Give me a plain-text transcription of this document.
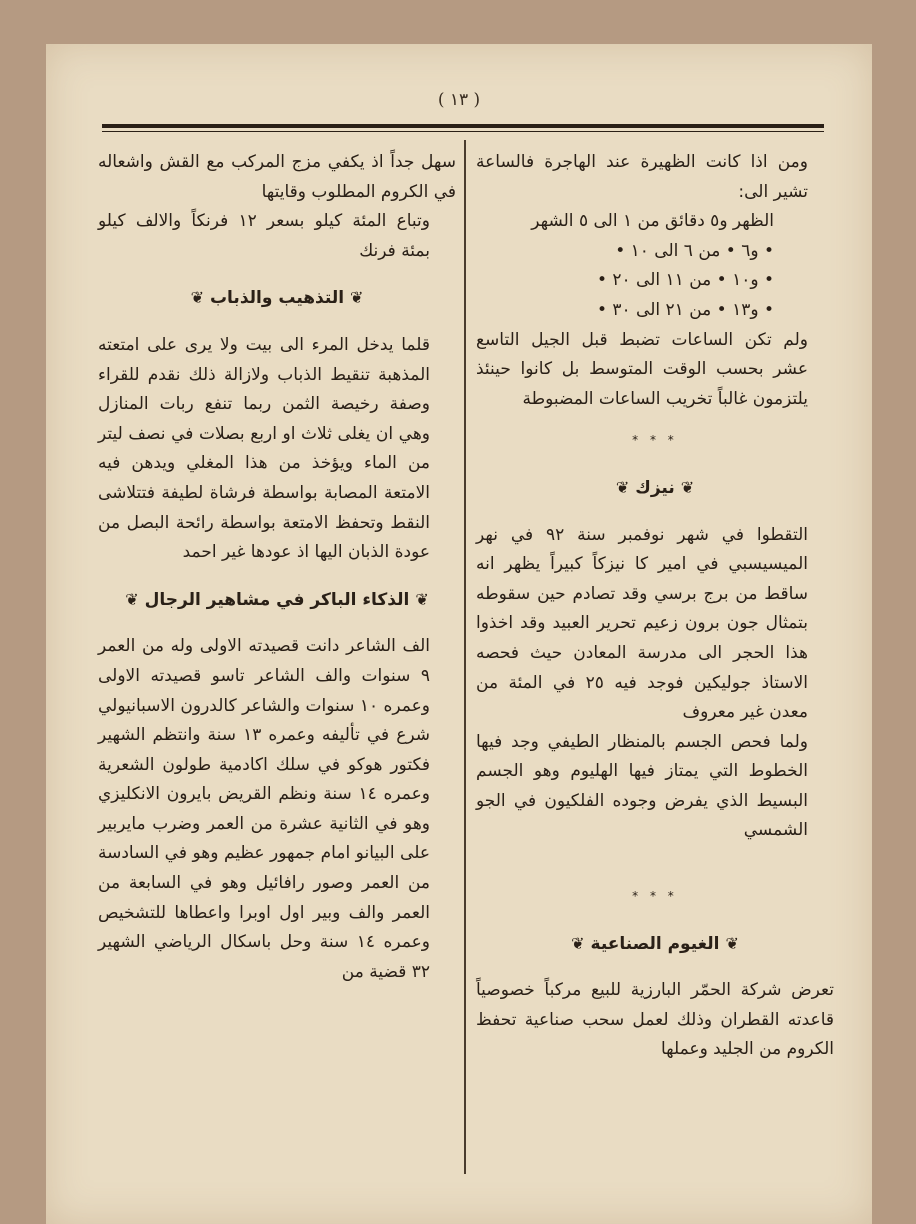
( ١٣ )

ومن اذا كانت الظهيرة عند الهاجرة فالساعة تشير الى:

الظهر و٥ دقائق من ١ الى ٥ الشهر

• و٦ • من ٦ الى ١٠ •

• و١٠ • من ١١ الى ٢٠ •

• و١٣ • من ٢١ الى ٣٠ •

ولم تكن الساعات تضبط قبل الجيل التاسع عشر بحسب الوقت المتوسط بل كانوا حينئذ يلتزمون غالباً تخريب الساعات المضبوطة

* * *

❦نيزك❦

التقطوا في شهر نوفمبر سنة ٩٢ في نهر الميسيسبي في امير كا نيزكاً كبيراً يظهر انه ساقط من برج برسي وقد تصادم حين سقوطه بتمثال جون برون زعيم تحرير العبيد وقد اخذوا هذا الحجر الى مدرسة المعادن حيث فحصه الاستاذ جوليكين فوجد فيه ٢٥ في المئة من معدن غير معروف

ولما فحص الجسم بالمنظار الطيفي وجد فيها الخطوط التي يمتاز فيها الهليوم وهو الجسم البسيط الذي يفرض وجوده الفلكيون في الجو الشمسي

* * *

❦الغيوم الصناعية❦

تعرض شركة الحمّر البارزية للبيع مركباً خصوصياً قاعدته القطران وذلك لعمل سحب صناعية تحفظ الكروم من الجليد وعملها

سهل جداً اذ يكفي مزج المركب مع القش واشعاله في الكروم المطلوب وقايتها

وتباع المئة كيلو بسعر ١٢ فرنكاً والالف كيلو بمئة فرنك

❦التذهيب والذباب❦

قلما يدخل المرء الى بيت ولا يرى على امتعته المذهبة تنقيط الذباب ولازالة ذلك نقدم للقراء وصفة رخيصة الثمن ربما تنفع ربات المنازل وهي ان يغلى ثلاث او اربع بصلات في نصف ليتر من الماء ويؤخذ من هذا المغلي ويدهن فيه الامتعة المصابة بواسطة فرشاة لطيفة فتتلاشى النقط وتحفظ الامتعة بواسطة رائحة البصل من عودة الذبان اليها اذ عودها غير احمد

❦الذكاء الباكر في مشاهير الرجال❦

الف الشاعر دانت قصيدته الاولى وله من العمر ٩ سنوات والف الشاعر تاسو قصيدته الاولى وعمره ١٠ سنوات والشاعر كالدرون الاسبانيولي شرع في تأليفه وعمره ١٣ سنة وانتظم الشهير فكتور هوكو في سلك اكادمية طولون الشعرية وعمره ١٤ سنة ونظم القريض بايرون الانكليزي وهو في الثانية عشرة من العمر وضرب مايربير على البيانو امام جمهور عظيم وهو في السادسة من العمر وصور رافائيل وهو في السابعة من العمر والف وبير اول اوبرا واعطاها للتشخيص وعمره ١٤ سنة وحل باسكال الرياضي الشهير ٣٢ قضية من
